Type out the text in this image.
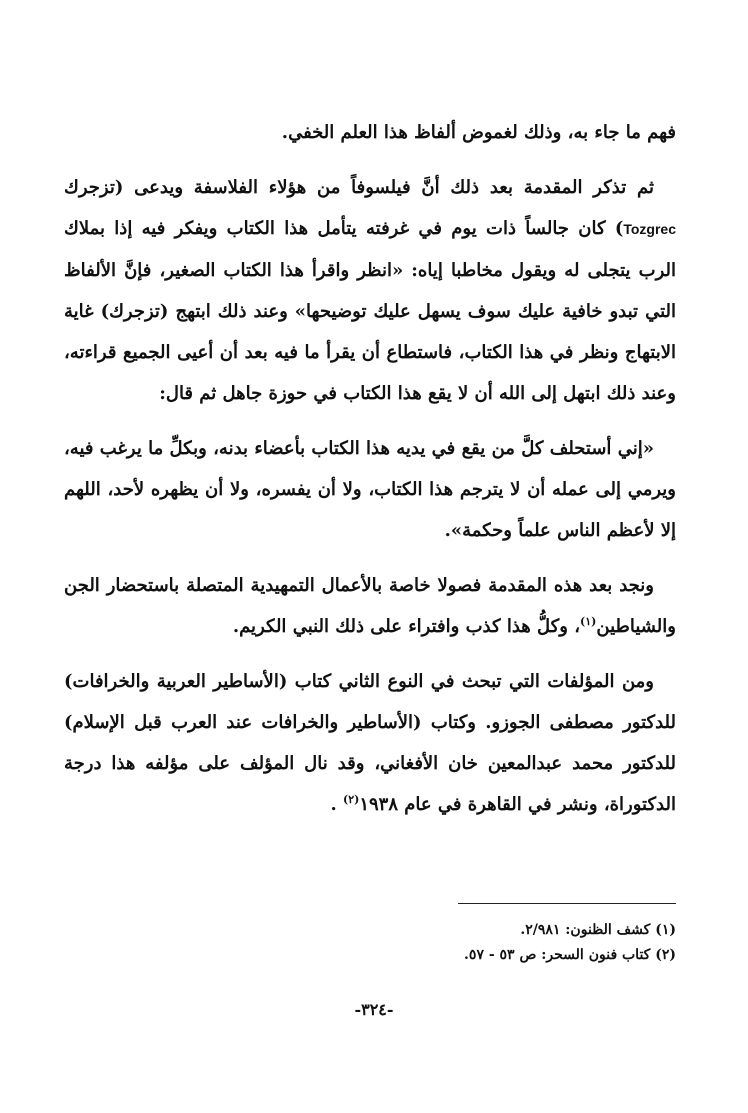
فهم ما جاء به، وذلك لغموض ألفاظ هذا العلم الخفي.

ثم تذكر المقدمة بعد ذلك أنَّ فيلسوفاً من هؤلاء الفلاسفة ويدعى (تزجرك Tozgrec) كان جالساً ذات يوم في غرفته يتأمل هذا الكتاب ويفكر فيه إذا بملاك الرب يتجلى له ويقول مخاطبا إياه: «انظر واقرأ هذا الكتاب الصغير، فإنَّ الألفاظ التي تبدو خافية عليك سوف يسهل عليك توضيحها» وعند ذلك ابتهج (تزجرك) غاية الابتهاج ونظر في هذا الكتاب، فاستطاع أن يقرأ ما فيه بعد أن أعيى الجميع قراءته، وعند ذلك ابتهل إلى الله أن لا يقع هذا الكتاب في حوزة جاهل ثم قال:

«إني أستحلف كلَّ من يقع في يديه هذا الكتاب بأعضاء بدنه، وبكلِّ ما يرغب فيه، ويرمي إلى عمله أن لا يترجم هذا الكتاب، ولا أن يفسره، ولا أن يظهره لأحد، اللهم إلا لأعظم الناس علماً وحكمة».

ونجد بعد هذه المقدمة فصولا خاصة بالأعمال التمهيدية المتصلة باستحضار الجن والشياطين$^{(١)}$، وكلُّ هذا كذب وافتراء على ذلك النبي الكريم.

ومن المؤلفات التي تبحث في النوع الثاني كتاب (الأساطير العربية والخرافات) للدكتور مصطفى الجوزو. وكتاب (الأساطير والخرافات عند العرب قبل الإسلام) للدكتور محمد عبدالمعين خان الأفغاني، وقد نال المؤلف على مؤلفه هذا درجة الدكتوراة، ونشر في القاهرة في عام ١٩٣٨$^{(٢)}$ .

(١) كشف الظنون: ٢/٩٨١.
(٢) كتاب فنون السحر: ص ٥٣ - ٥٧.
-٣٢٤-
